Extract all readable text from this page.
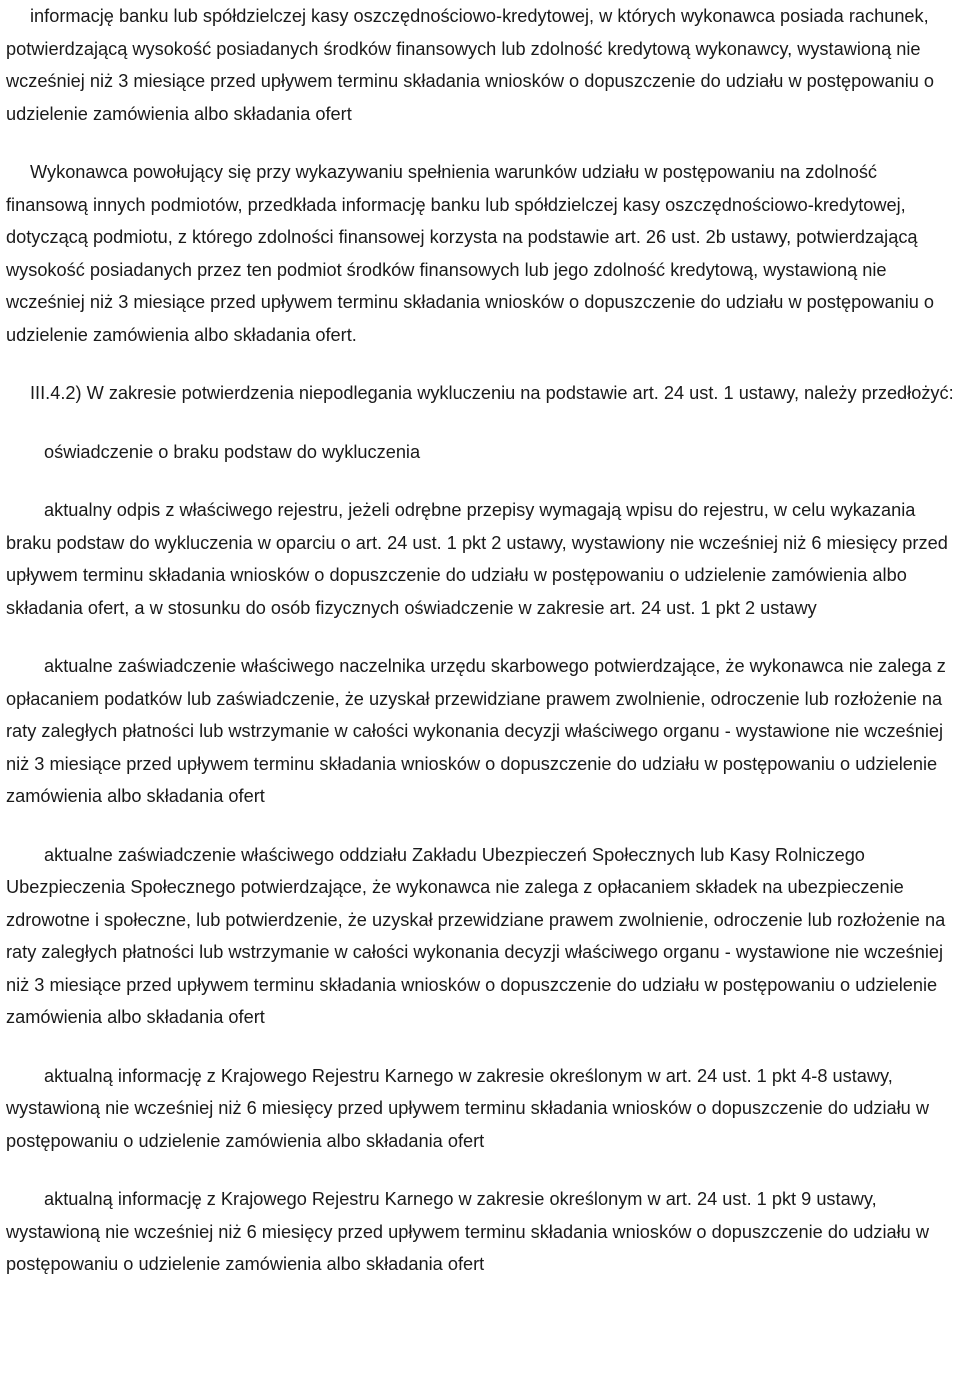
informację banku lub spółdzielczej kasy oszczędnościowo-kredytowej, w których wykonawca posiada rachunek, potwierdzającą wysokość posiadanych środków finansowych lub zdolność kredytową wykonawcy, wystawioną nie wcześniej niż 3 miesiące przed upływem terminu składania wniosków o dopuszczenie do udziału w postępowaniu o udzielenie zamówienia albo składania ofert

Wykonawca powołujący się przy wykazywaniu spełnienia warunków udziału w postępowaniu na zdolność finansową innych podmiotów, przedkłada informację banku lub spółdzielczej kasy oszczędnościowo-kredytowej, dotyczącą podmiotu, z którego zdolności finansowej korzysta na podstawie art. 26 ust. 2b ustawy, potwierdzającą wysokość posiadanych przez ten podmiot środków finansowych lub jego zdolność kredytową, wystawioną nie wcześniej niż 3 miesiące przed upływem terminu składania wniosków o dopuszczenie do udziału w postępowaniu o udzielenie zamówienia albo składania ofert.

III.4.2) W zakresie potwierdzenia niepodlegania wykluczeniu na podstawie art. 24 ust. 1 ustawy, należy przedłożyć:

oświadczenie o braku podstaw do wykluczenia

aktualny odpis z właściwego rejestru, jeżeli odrębne przepisy wymagają wpisu do rejestru, w celu wykazania braku podstaw do wykluczenia w oparciu o art. 24 ust. 1 pkt 2 ustawy, wystawiony nie wcześniej niż 6 miesięcy przed upływem terminu składania wniosków o dopuszczenie do udziału w postępowaniu o udzielenie zamówienia albo składania ofert, a w stosunku do osób fizycznych oświadczenie w zakresie art. 24 ust. 1 pkt 2 ustawy

aktualne zaświadczenie właściwego naczelnika urzędu skarbowego potwierdzające, że wykonawca nie zalega z opłacaniem podatków lub zaświadczenie, że uzyskał przewidziane prawem zwolnienie, odroczenie lub rozłożenie na raty zaległych płatności lub wstrzymanie w całości wykonania decyzji właściwego organu - wystawione nie wcześniej niż 3 miesiące przed upływem terminu składania wniosków o dopuszczenie do udziału w postępowaniu o udzielenie zamówienia albo składania ofert

aktualne zaświadczenie właściwego oddziału Zakładu Ubezpieczeń Społecznych lub Kasy Rolniczego Ubezpieczenia Społecznego potwierdzające, że wykonawca nie zalega z opłacaniem składek na ubezpieczenie zdrowotne i społeczne, lub potwierdzenie, że uzyskał przewidziane prawem zwolnienie, odroczenie lub rozłożenie na raty zaległych płatności lub wstrzymanie w całości wykonania decyzji właściwego organu - wystawione nie wcześniej niż 3 miesiące przed upływem terminu składania wniosków o dopuszczenie do udziału w postępowaniu o udzielenie zamówienia albo składania ofert

aktualną informację z Krajowego Rejestru Karnego w zakresie określonym w art. 24 ust. 1 pkt 4-8 ustawy, wystawioną nie wcześniej niż 6 miesięcy przed upływem terminu składania wniosków o dopuszczenie do udziału w postępowaniu o udzielenie zamówienia albo składania ofert

aktualną informację z Krajowego Rejestru Karnego w zakresie określonym w art. 24 ust. 1 pkt 9 ustawy, wystawioną nie wcześniej niż 6 miesięcy przed upływem terminu składania wniosków o dopuszczenie do udziału w postępowaniu o udzielenie zamówienia albo składania ofert
